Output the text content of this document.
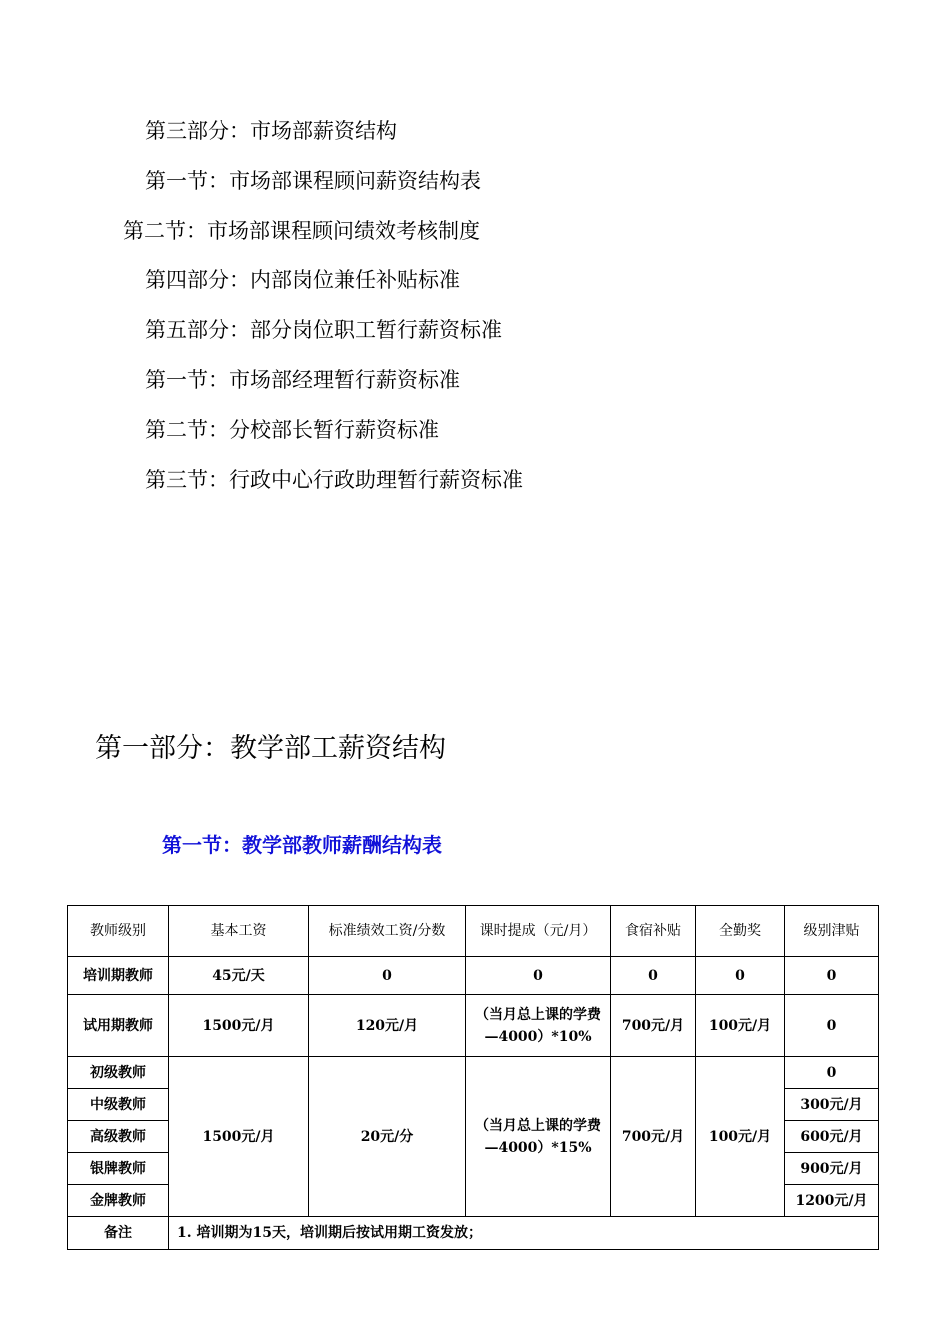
第三部分：市场部薪资结构
第一节：市场部课程顾问薪资结构表
第二节：市场部课程顾问绩效考核制度
第四部分：内部岗位兼任补贴标准
第五部分：部分岗位职工暂行薪资标准
第一节：市场部经理暂行薪资标准
第二节：分校部长暂行薪资标准
第三节：行政中心行政助理暂行薪资标准
第一部分：教学部工薪资结构
第一节：教学部教师薪酬结构表
教师级别	基本工资	标准绩效工资/分数	课时提成（元/月）	食宿补贴	全勤奖	级别津贴
培训期教师	45元/天	0	0	0	0	0
试用期教师	1500元/月	120元/月	（当月总上课的学费—4000）*10%	700元/月	100元/月	0
初级教师	1500元/月	20元/分	（当月总上课的学费—4000）*15%	700元/月	100元/月	0
中级教师						300元/月
高级教师						600元/月
银牌教师						900元/月
金牌教师						1200元/月
备注	1. 培训期为15天，培训期后按试用期工资发放；					
